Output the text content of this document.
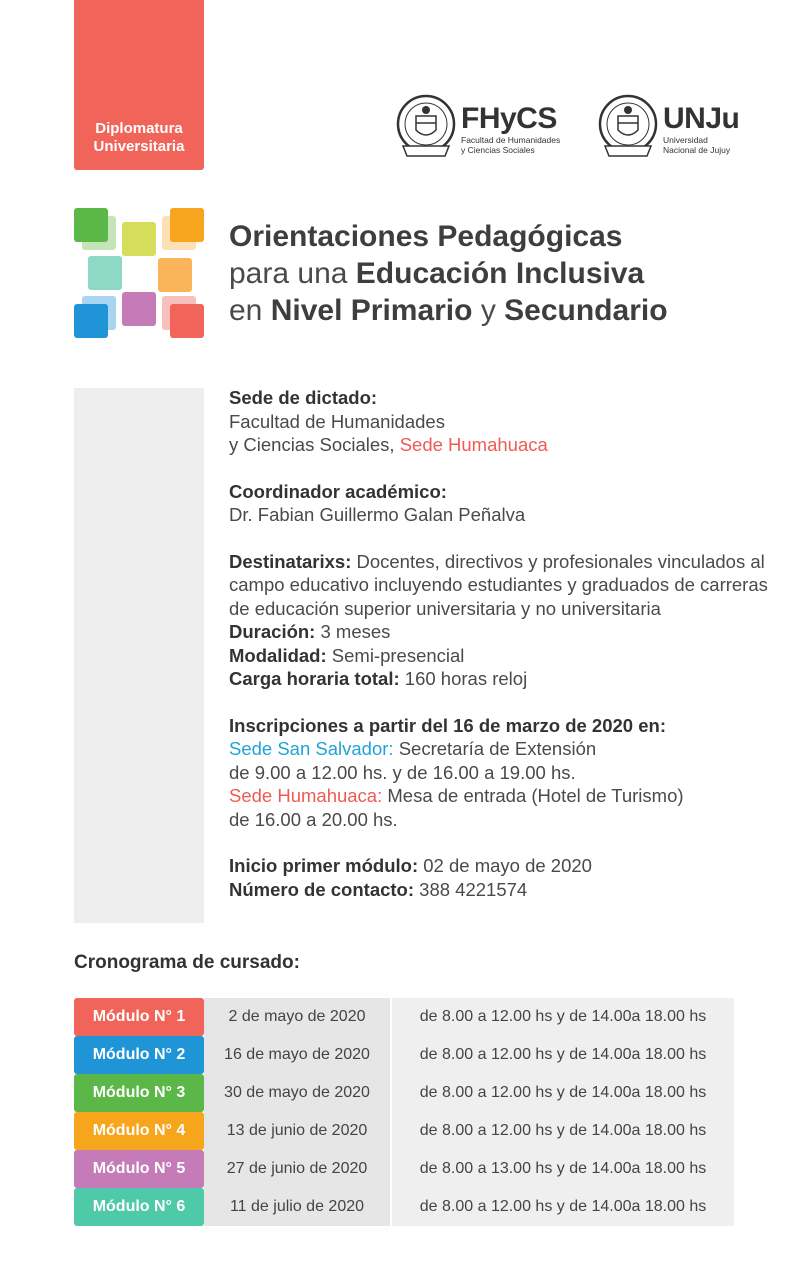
Diplomatura
Universitaria
FHyCS
Facultad de Humanidades
y Ciencias Sociales
UNJu
Universidad
Nacional de Jujuy
Orientaciones Pedagógicas
para una Educación Inclusiva
en Nivel Primario y Secundario

Sede de dictado:
Facultad de Humanidades
y Ciencias Sociales, Sede Humahuaca

Coordinador académico:
Dr. Fabian Guillermo Galan Peñalva

Destinatarixs: Docentes, directivos y profesionales vinculados al campo educativo incluyendo estudiantes y graduados de carreras de educación superior universitaria y no universitaria
Duración: 3 meses
Modalidad: Semi-presencial
Carga horaria total: 160 horas reloj

Inscripciones a partir del 16 de marzo de 2020 en:
Sede San Salvador: Secretaría de Extensión
de 9.00 a 12.00 hs. y de 16.00 a 19.00 hs.
Sede Humahuaca: Mesa de entrada (Hotel de Turismo)
de 16.00 a 20.00 hs.

Inicio primer módulo: 02 de mayo de 2020
Número de contacto: 388 4221574

Cronograma de cursado:
Módulo N° 1	2 de mayo de 2020	de 8.00 a 12.00 hs y de 14.00a 18.00 hs
Módulo N° 2	16 de mayo de 2020	de 8.00 a 12.00 hs y de 14.00a 18.00 hs
Módulo N° 3	30 de mayo de 2020	de 8.00 a 12.00 hs y de 14.00a 18.00 hs
Módulo N° 4	13 de junio de 2020	de 8.00 a 12.00 hs y de 14.00a 18.00 hs
Módulo N° 5	27 de junio de 2020	de 8.00 a 13.00 hs y de 14.00a 18.00 hs
Módulo N° 6	11 de julio de 2020	de 8.00 a 12.00 hs y de 14.00a 18.00 hs
